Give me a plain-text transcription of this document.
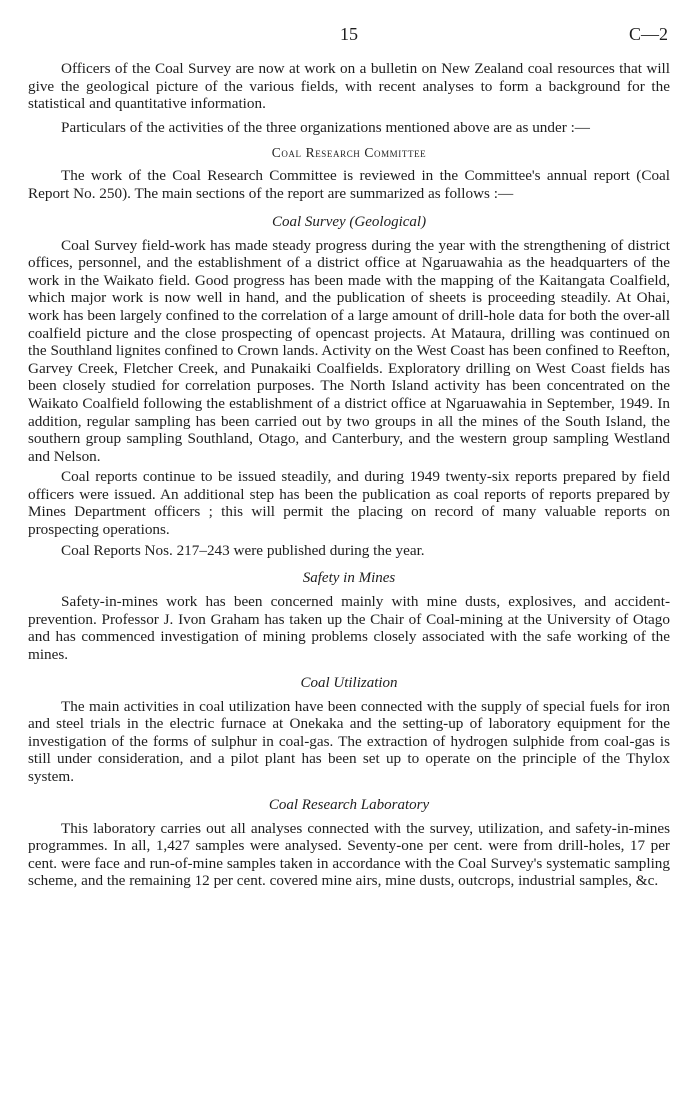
15	C—2

Officers of the Coal Survey are now at work on a bulletin on New Zealand coal resources that will give the geological picture of the various fields, with recent analyses to form a background for the statistical and quantitative information.

Particulars of the activities of the three organizations mentioned above are as under :—

Coal Research Committee

The work of the Coal Research Committee is reviewed in the Committee's annual report (Coal Report No. 250). The main sections of the report are summarized as follows :—

Coal Survey (Geological)

Coal Survey field-work has made steady progress during the year with the strengthening of district offices, personnel, and the establishment of a district office at Ngaruawahia as the headquarters of the work in the Waikato field. Good progress has been made with the mapping of the Kaitangata Coalfield, which major work is now well in hand, and the publication of sheets is proceeding steadily. At Ohai, work has been largely confined to the correlation of a large amount of drill-hole data for both the over-all coalfield picture and the close prospecting of opencast projects. At Mataura, drilling was continued on the Southland lignites confined to Crown lands. Activity on the West Coast has been confined to Reefton, Garvey Creek, Fletcher Creek, and Punakaiki Coalfields. Exploratory drilling on West Coast fields has been closely studied for correlation purposes. The North Island activity has been concentrated on the Waikato Coalfield following the establishment of a district office at Ngaruawahia in September, 1949. In addition, regular sampling has been carried out by two groups in all the mines of the South Island, the southern group sampling Southland, Otago, and Canterbury, and the western group sampling Westland and Nelson.

Coal reports continue to be issued steadily, and during 1949 twenty-six reports prepared by field officers were issued. An additional step has been the publication as coal reports of reports prepared by Mines Department officers ; this will permit the placing on record of many valuable reports on prospecting operations.

Coal Reports Nos. 217–243 were published during the year.

Safety in Mines

Safety-in-mines work has been concerned mainly with mine dusts, explosives, and accident-prevention. Professor J. Ivon Graham has taken up the Chair of Coal-mining at the University of Otago and has commenced investigation of mining problems closely associated with the safe working of the mines.

Coal Utilization

The main activities in coal utilization have been connected with the supply of special fuels for iron and steel trials in the electric furnace at Onekaka and the setting-up of laboratory equipment for the investigation of the forms of sulphur in coal-gas. The extraction of hydrogen sulphide from coal-gas is still under consideration, and a pilot plant has been set up to operate on the principle of the Thylox system.

Coal Research Laboratory

This laboratory carries out all analyses connected with the survey, utilization, and safety-in-mines programmes. In all, 1,427 samples were analysed. Seventy-one per cent. were from drill-holes, 17 per cent. were face and run-of-mine samples taken in accordance with the Coal Survey's systematic sampling scheme, and the remaining 12 per cent. covered mine airs, mine dusts, outcrops, industrial samples, &c.
